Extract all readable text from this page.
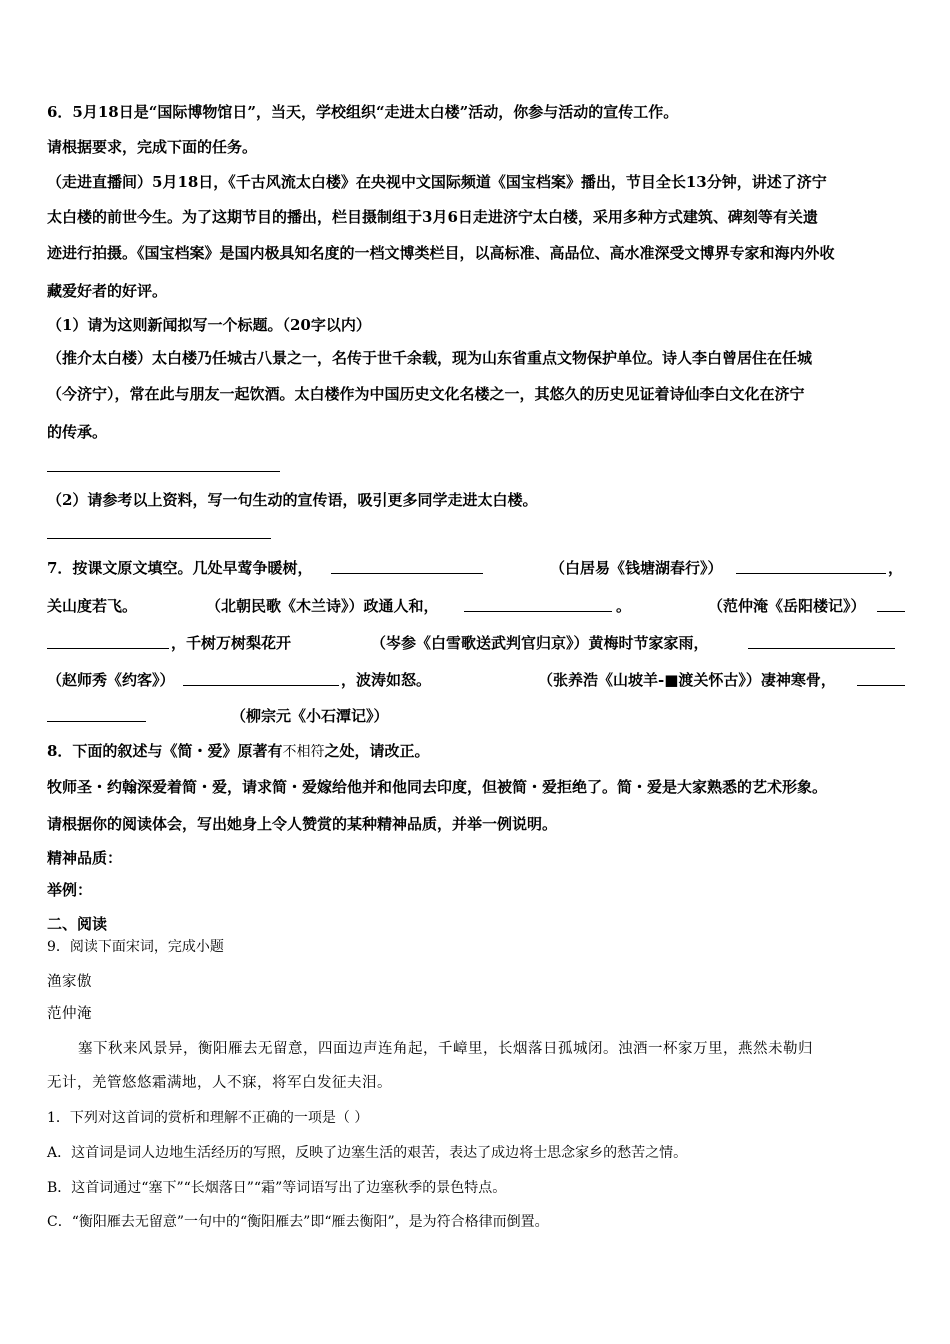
6．5月18日是“国际博物馆日”，当天，学校组织“走进太白楼”活动，你参与活动的宣传工作。
请根据要求，完成下面的任务。
（走进直播间）5月18日，《千古风流太白楼》在央视中文国际频道《国宝档案》播出，节目全长13分钟，讲述了济宁
太白楼的前世今生。为了这期节目的播出，栏目摄制组于3月6日走进济宁太白楼，采用多种方式建筑、碑刻等有关遗
迹进行拍摄。《国宝档案》是国内极具知名度的一档文博类栏目，以高标准、高品位、高水准深受文博界专家和海内外收
藏爱好者的好评。
（1）请为这则新闻拟写一个标题。（20字以内）
（推介太白楼）太白楼乃任城古八景之一，名传于世千余载，现为山东省重点文物保护单位。诗人李白曾居住在任城
（今济宁），常在此与朋友一起饮酒。太白楼作为中国历史文化名楼之一，其悠久的历史见证着诗仙李白文化在济宁
的传承。
（2）请参考以上资料，写一句生动的宣传语，吸引更多同学走进太白楼。
7．按课文原文填空。几处早莺争暖树，	（白居易《钱塘湖春行》）	，
关山度若飞。	（北朝民歌《木兰诗》）政通人和，	。	（范仲淹《岳阳楼记》）
，千树万树梨花开	（岑参《白雪歌送武判官归京》）黄梅时节家家雨，
（赵师秀《约客》）	，波涛如怒。	（张养浩《山坡羊-■渡关怀古》）凄神寒骨，
（柳宗元《小石潭记》）
8．下面的叙述与《简・爱》原著有不相符之处，请改正。
牧师圣・约翰深爱着简・爱，请求简・爱嫁给他并和他同去印度，但被简・爱拒绝了。简・爱是大家熟悉的艺术形象。
请根据你的阅读体会，写出她身上令人赞赏的某种精神品质，并举一例说明。
精神品质：
举例：
二、阅读
9．阅读下面宋词，完成小题
渔家傲
范仲淹
塞下秋来风景异，衡阳雁去无留意，四面边声连角起，千嶂里，长烟落日孤城闭。浊酒一杯家万里，燕然未勒归
无计，羌管悠悠霜满地，人不寐，将军白发征夫泪。
1．下列对这首词的赏析和理解不正确的一项是（ ）
A．这首词是词人边地生活经历的写照，反映了边塞生活的艰苦，表达了成边将士思念家乡的愁苦之情。
B．这首词通过“塞下”“长烟落日”“霜”等词语写出了边塞秋季的景色特点。
C．“衡阳雁去无留意”一句中的“衡阳雁去”即“雁去衡阳”，是为符合格律而倒置。
